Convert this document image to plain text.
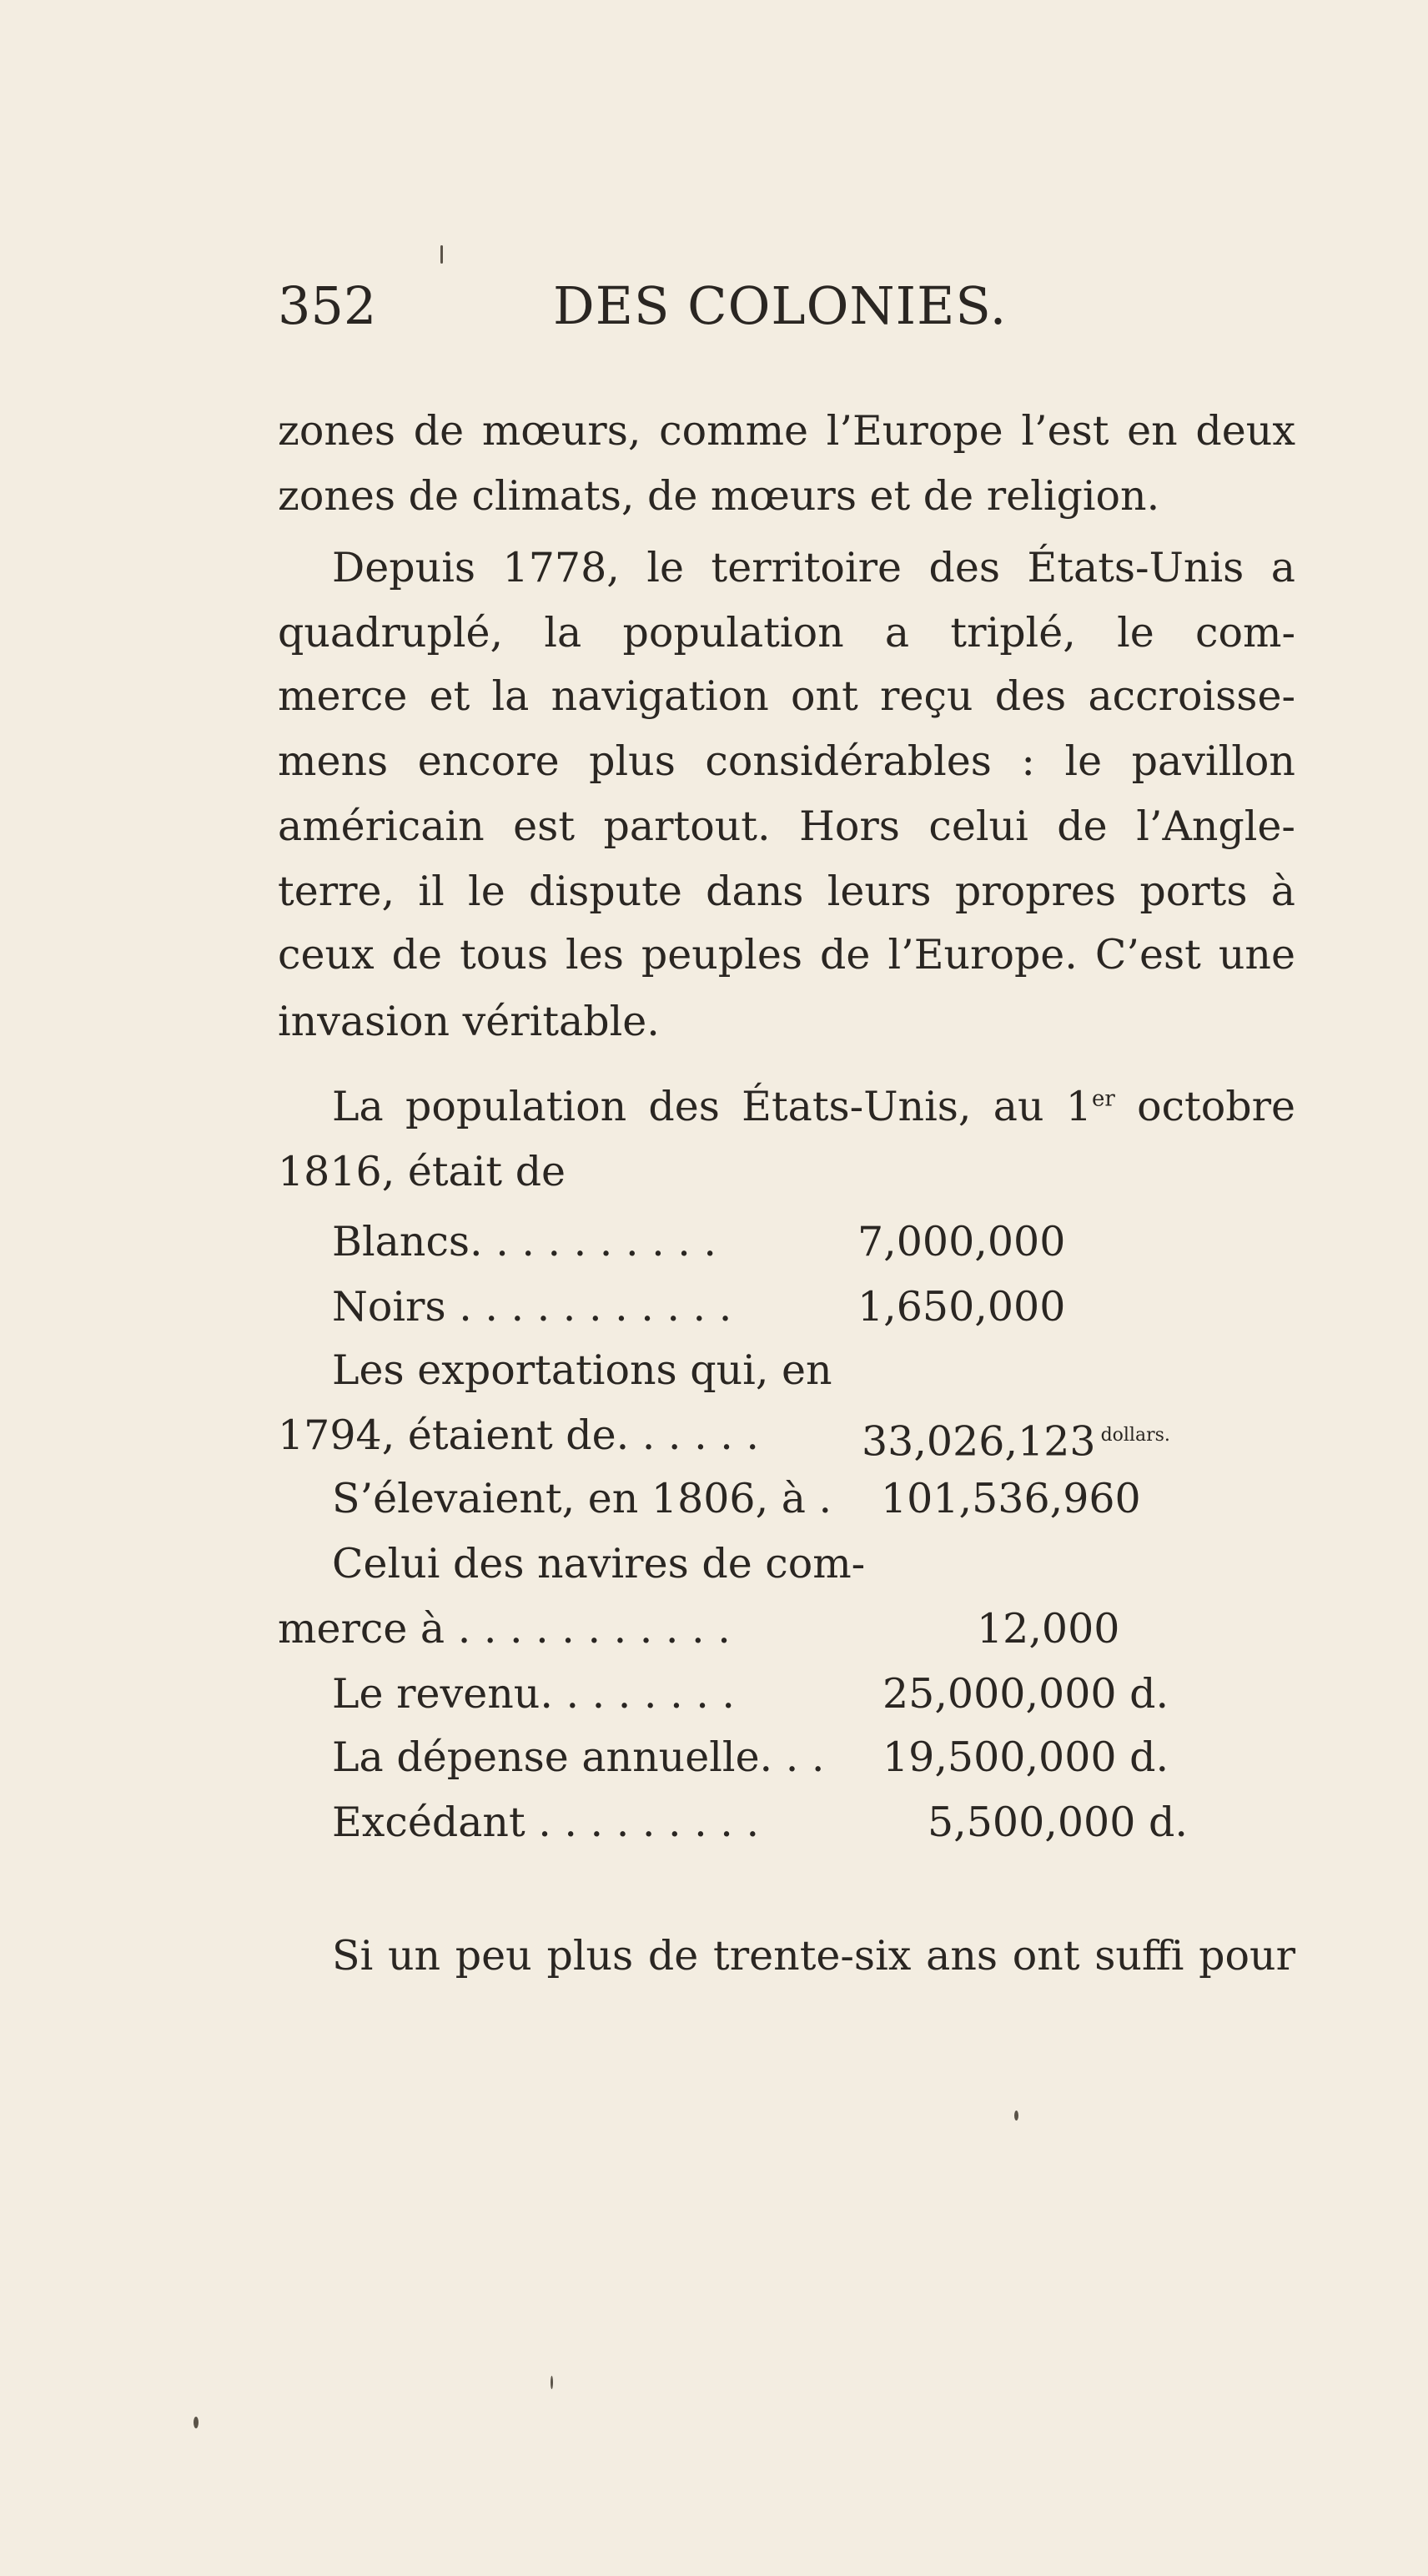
352	DES COLONIES.
zones de mœurs, comme l’Europe l’est en deux
zones de climats, de mœurs et de religion.
Depuis 1778, le territoire des États-Unis a
quadruplé, la population a triplé, le com-
merce et la navigation ont reçu des accroisse-
mens encore plus considérables : le pavillon
américain est partout. Hors celui de l’Angle-
terre, il le dispute dans leurs propres ports à
ceux de tous les peuples de l’Europe. C’est une
invasion véritable.
La population des États-Unis, au 1er octobre
1816, était de
Blancs. . . . . . . . . .	7,000,000
Noirs . . . . . . . . . . .	1,650,000
Les exportations qui, en
1794, étaient de. . . . . .	33,026,123 $^{dollars.}$
S’élevaient, en 1806, à . 101,536,960
Celui des navires de com-
merce à . . . . . . . . . . .	12,000
Le revenu. . . . . . . .	25,000,000 d.
La dépense annuelle. . . 19,500,000 d.
Excédant . . . . . . . . .	5,500,000 d.
Si un peu plus de trente-six ans ont suffi pour
